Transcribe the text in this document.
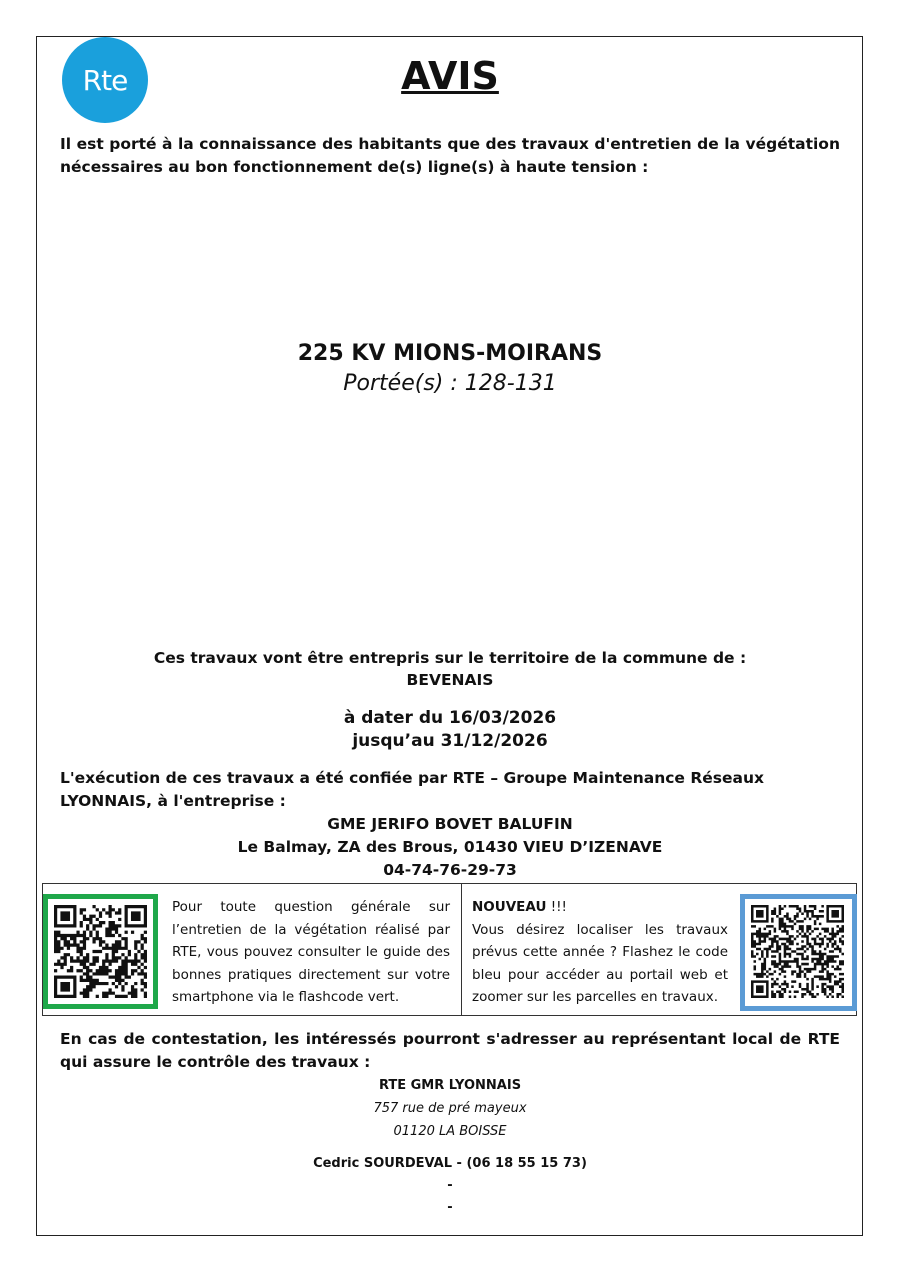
Rte	AVIS
Il est porté à la connaissance des habitants que des travaux d'entretien de la végétation nécessaires au bon fonctionnement de(s) ligne(s) à haute tension :
225 KV MIONS-MOIRANS
Portée(s) : 128-131
Ces travaux vont être entrepris sur le territoire de la commune de :
BEVENAIS
à dater du 16/03/2026
jusqu’au 31/12/2026
L'exécution de ces travaux a été confiée par RTE – Groupe Maintenance Réseaux LYONNAIS, à l'entreprise :
GME JERIFO BOVET BALUFIN
Le Balmay, ZA des Brous, 01430 VIEU D’IZENAVE
04-74-76-29-73
Pour toute question générale sur l’entretien de la végétation réalisé par RTE, vous pouvez consulter le guide des bonnes pratiques directement sur votre smartphone via le flashcode vert.
NOUVEAU !!!
Vous désirez localiser les travaux prévus cette année ? Flashez le code bleu pour accéder au portail web et zoomer sur les parcelles en travaux.
En cas de contestation, les intéressés pourront s'adresser au représentant local de RTE qui assure le contrôle des travaux :
RTE GMR LYONNAIS
757 rue de pré mayeux
01120 LA BOISSE
Cedric SOURDEVAL - (06 18 55 15 73)
-
-
